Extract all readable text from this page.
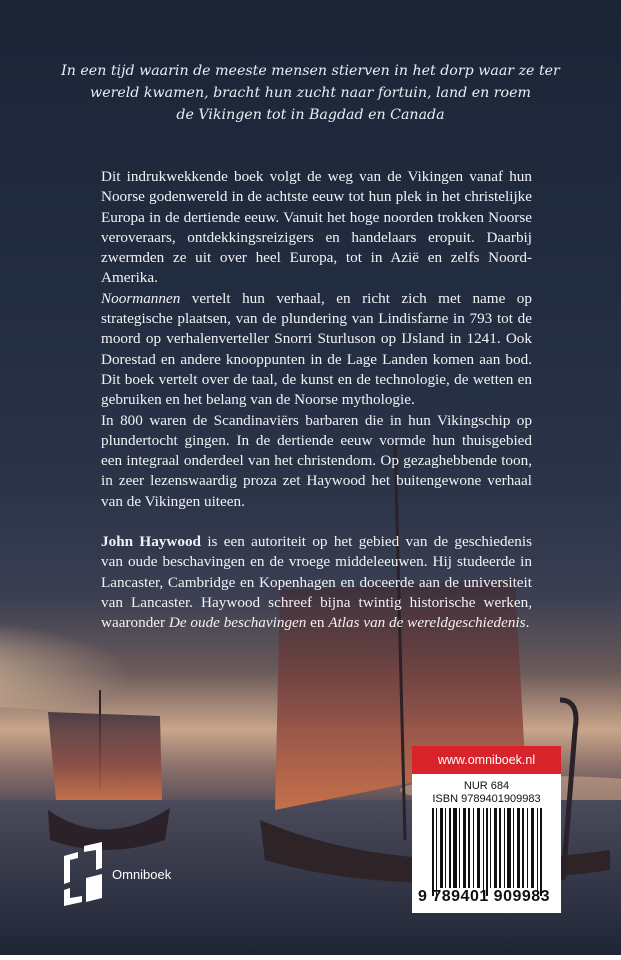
In een tijd waarin de meeste mensen stierven in het dorp waar ze ter
wereld kwamen, bracht hun zucht naar fortuin, land en roem
de Vikingen tot in Bagdad en Canada

Dit indrukwekkende boek volgt de weg van de Vikingen vanaf hun Noorse godenwereld in de achtste eeuw tot hun plek in het christelijke Europa in de dertiende eeuw. Vanuit het hoge noorden trokken Noorse veroveraars, ontdekkingsreizigers en handelaars eropuit. Daarbij zwermden ze uit over heel Europa, tot in Azië en zelfs Noord-Amerika.

Noormannen vertelt hun verhaal, en richt zich met name op strategische plaatsen, van de plundering van Lindisfarne in 793 tot de moord op verhalenverteller Snorri Sturluson op IJsland in 1241. Ook Dorestad en andere knooppunten in de Lage Landen komen aan bod. Dit boek vertelt over de taal, de kunst en de technologie, de wetten en gebruiken en het belang van de Noorse mythologie.

In 800 waren de Scandinaviërs barbaren die in hun Vikingschip op plundertocht gingen. In de dertiende eeuw vormde hun thuisgebied een integraal onderdeel van het christendom. Op gezaghebbende toon, in zeer lezenswaardig proza zet Haywood het buitengewone verhaal van de Vikingen uiteen.

John Haywood is een autoriteit op het gebied van de geschiedenis van oude beschavingen en de vroege middeleeuwen. Hij studeerde in Lancaster, Cambridge en Kopenhagen en doceerde aan de universiteit van Lancaster. Haywood schreef bijna twintig historische werken, waaronder De oude beschavingen en Atlas van de wereldgeschiedenis.

www.omniboek.nl
NUR 684
ISBN 9789401909983
9 789401 909983
Omniboek
